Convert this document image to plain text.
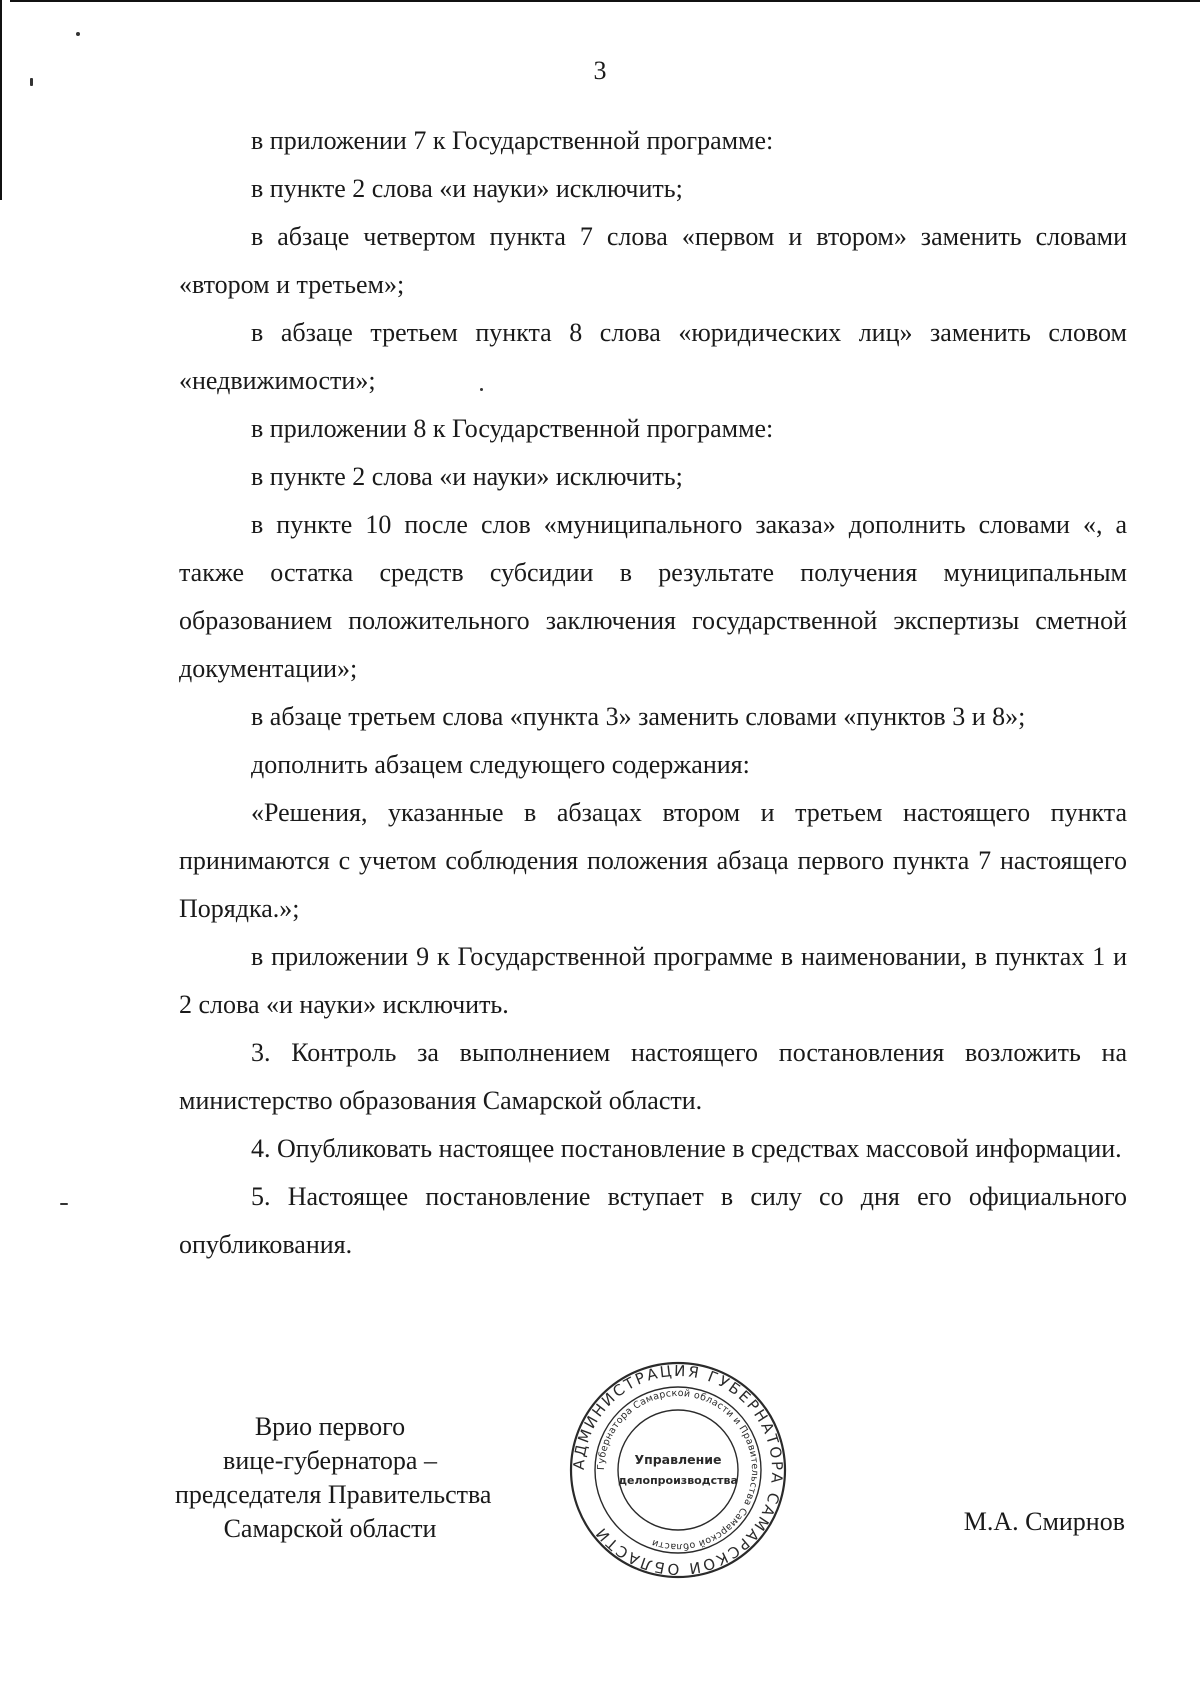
3

в приложении 7 к Государственной программе:

в пункте 2 слова «и науки» исключить;

в абзаце четвертом пункта 7 слова «первом и втором» заменить словами «втором и третьем»;

в абзаце третьем пункта 8 слова «юридических лиц» заменить словом «недвижимости»;

в приложении 8 к Государственной программе:

в пункте 2 слова «и науки» исключить;

в пункте 10 после слов «муниципального заказа» дополнить словами «, а также остатка средств субсидии в результате получения муниципальным образованием положительного заключения государственной экспертизы сметной документации»;

в абзаце третьем слова «пункта 3» заменить словами «пунктов 3 и 8»;

дополнить абзацем следующего содержания:

«Решения, указанные в абзацах втором и третьем настоящего пункта принимаются с учетом соблюдения положения абзаца первого пункта 7 настоящего Порядка.»;

в приложении 9 к Государственной программе в наименовании, в пунктах 1 и 2 слова «и науки» исключить.

3. Контроль за выполнением настоящего постановления возложить на министерство образования Самарской области.

4. Опубликовать настоящее постановление в средствах массовой информации.

5. Настоящее постановление вступает в силу со дня его официального опубликования.

Врио первого
вице-губернатора –
председателя Правительства
Самарской области
АДМИНИСТРАЦИЯ ГУБЕРНАТОРА САМАРСКОЙ ОБЛАСТИ
Губернатора Самарской области и Правительства Самарской области
Управление
делопроизводства
М.А. Смирнов
